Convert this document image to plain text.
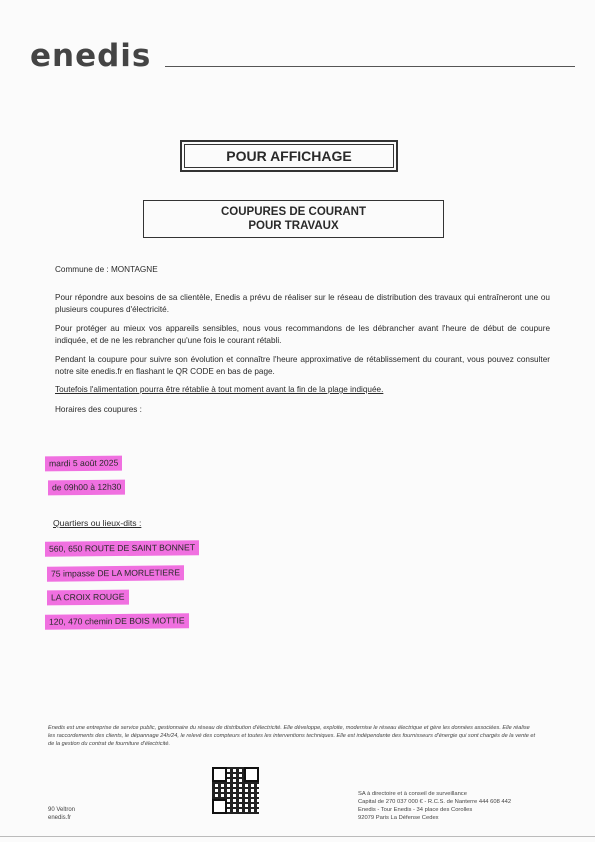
enedis
POUR AFFICHAGE
COUPURES DE COURANT
POUR TRAVAUX
Commune de : MONTAGNE
Pour répondre aux besoins de sa clientèle, Enedis a prévu de réaliser sur le réseau de distribution des travaux qui entraîneront une ou plusieurs coupures d'électricité.
Pour protéger au mieux vos appareils sensibles, nous vous recommandons de les débrancher avant l'heure de début de coupure indiquée, et de ne les rebrancher qu'une fois le courant rétabli.
Pendant la coupure pour suivre son évolution et connaître l'heure approximative de rétablissement du courant, vous pouvez consulter notre site enedis.fr en flashant le QR CODE en bas de page.
Toutefois l'alimentation pourra être rétablie à tout moment avant la fin de la plage indiquée.
Horaires des coupures :
mardi 5 août 2025
de 09h00 à 12h30
Quartiers ou lieux-dits :
560, 650 ROUTE DE SAINT BONNET
75 impasse DE LA MORLETIERE
LA CROIX ROUGE
120, 470 chemin DE BOIS MOTTIE
Enedis est une entreprise de service public, gestionnaire du réseau de distribution d'électricité. Elle développe, exploite, modernise le réseau électrique et gère les données associées. Elle réalise les raccordements des clients, le dépannage 24h/24, le relevé des compteurs et toutes les interventions techniques. Elle est indépendante des fournisseurs d'énergie qui sont chargés de la vente et de la gestion du contrat de fourniture d'électricité.
SA à directoire et à conseil de surveillance
Capital de 270 037 000 € - R.C.S. de Nanterre 444 608 442
Enedis - Tour Enedis - 34 place des Corolles
92079 Paris La Défense Cedex
90 Veltron
enedis.fr
